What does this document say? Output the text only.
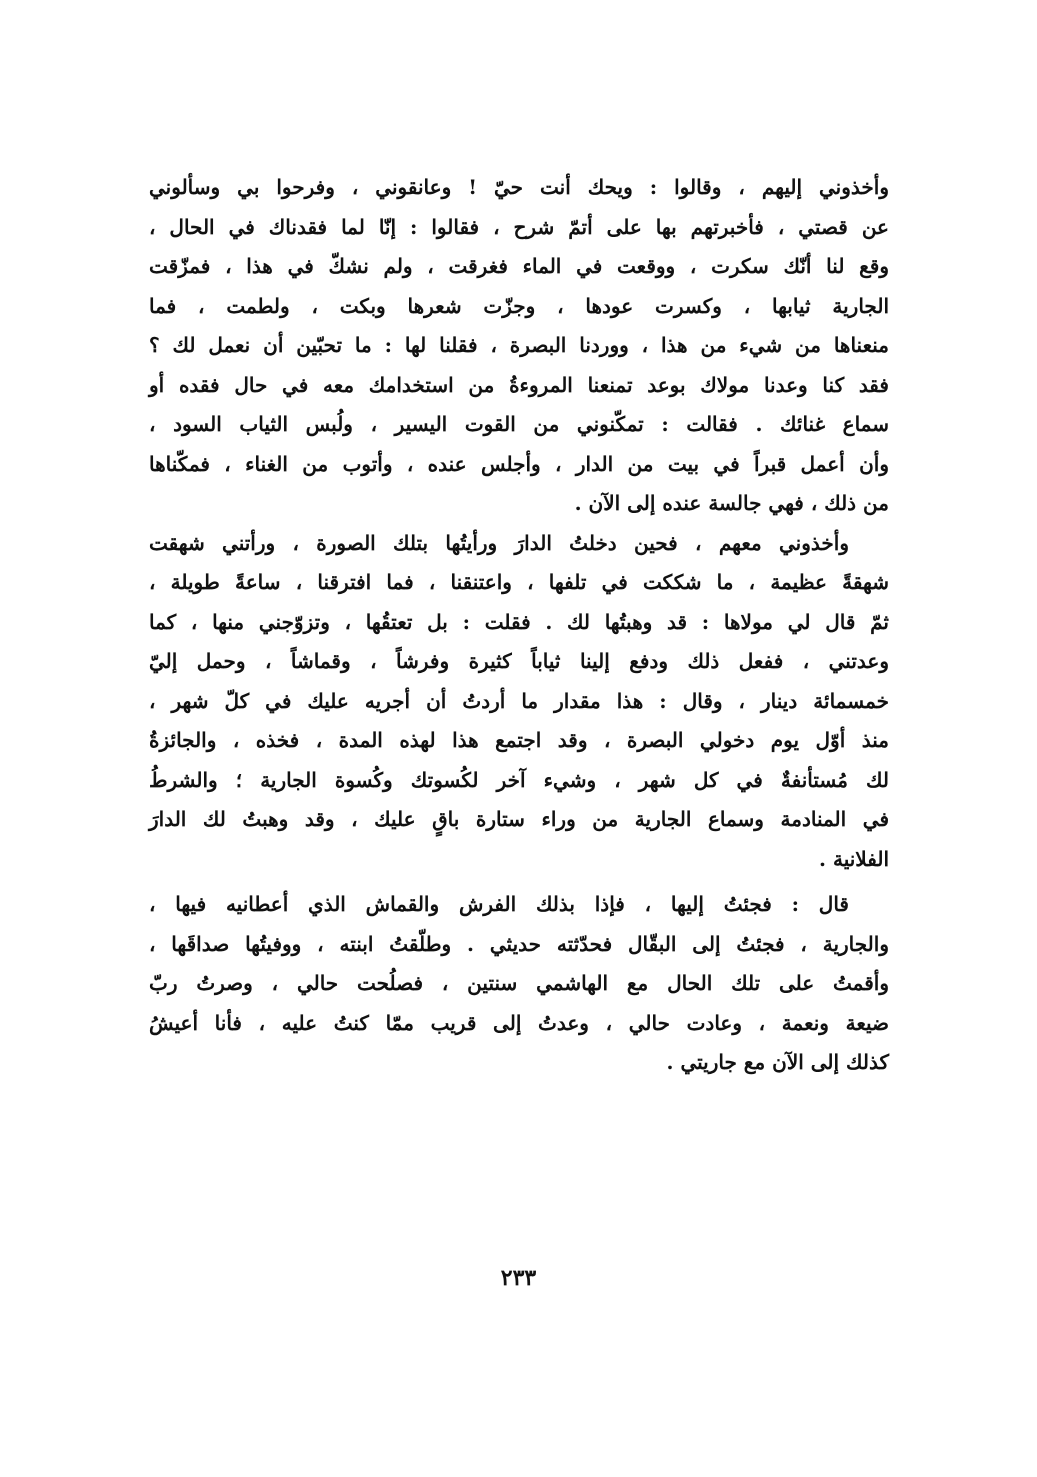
وأخذوني إليهم ، وقالوا : ويحك أنت حيّ ! وعانقوني ، وفرحوا بي وسألوني
عن قصتي ، فأخبرتهم بها على أتمّ شرح ، فقالوا : إنّا لما فقدناك في الحال ،
وقع لنا أنّك سكرت ، ووقعت في الماء فغرقت ، ولم نشكّ في هذا ، فمزّقت
الجارية ثيابها ، وكسرت عودها ، وجزّت شعرها وبكت ، ولطمت ، فما
منعناها من شيء من هذا ، ووردنا البصرة ، فقلنا لها : ما تحبّين أن نعمل لك ؟
فقد كنا وعدنا مولاك بوعد تمنعنا المروءةُ من استخدامك معه في حال فقده أو
سماع غنائك . فقالت : تمكّنوني من القوت اليسير ، ولُبس الثياب السود ،
وأن أعمل قبراً في بيت من الدار ، وأجلس عنده ، وأتوب من الغناء ، فمكّناها
من ذلك ، فهي جالسة عنده إلى الآن .
وأخذوني معهم ، فحين دخلتُ الدارَ ورأيتُها بتلك الصورة ، ورأتني شهقت
شهقةً عظيمة ، ما شككت في تلفها ، واعتنقنا ، فما افترقنا ، ساعةً طويلة ،
ثمّ قال لي مولاها : قد وهبتُها لك . فقلت : بل تعتقُها ، وتزوّجني منها ، كما
وعدتني ، ففعل ذلك ودفع إلينا ثياباً كثيرة وفرشاً ، وقماشاً ، وحمل إليّ
خمسمائة دينار ، وقال : هذا مقدار ما أردتُ أن أجريه عليك في كلّ شهر ،
منذ أوّل يوم دخولي البصرة ، وقد اجتمع هذا لهذه المدة ، فخذه ، والجائزةُ
لك مُستأنفةٌ في كل شهر ، وشيء آخر لكُسوتك وكُسوة الجارية ؛ والشرطُ
في المنادمة وسماع الجارية من وراء ستارة باقٍ عليك ، وقد وهبتُ لك الدارَ
الفلانية .
قال : فجئتُ إليها ، فإذا بذلك الفرش والقماش الذي أعطانيه فيها ،
والجارية ، فجئتُ إلى البقّال فحدّثته حديثي . وطلّقتُ ابنته ، ووفيتُها صداقَها ،
وأقمتُ على تلك الحال مع الهاشمي سنتين ، فصلُحت حالي ، وصرتُ ربّ
ضيعة ونعمة ، وعادت حالي ، وعدتُ إلى قريب ممّا كنتُ عليه ، فأنا أعيشُ
كذلك إلى الآن مع جاريتي .
٢٣٣
